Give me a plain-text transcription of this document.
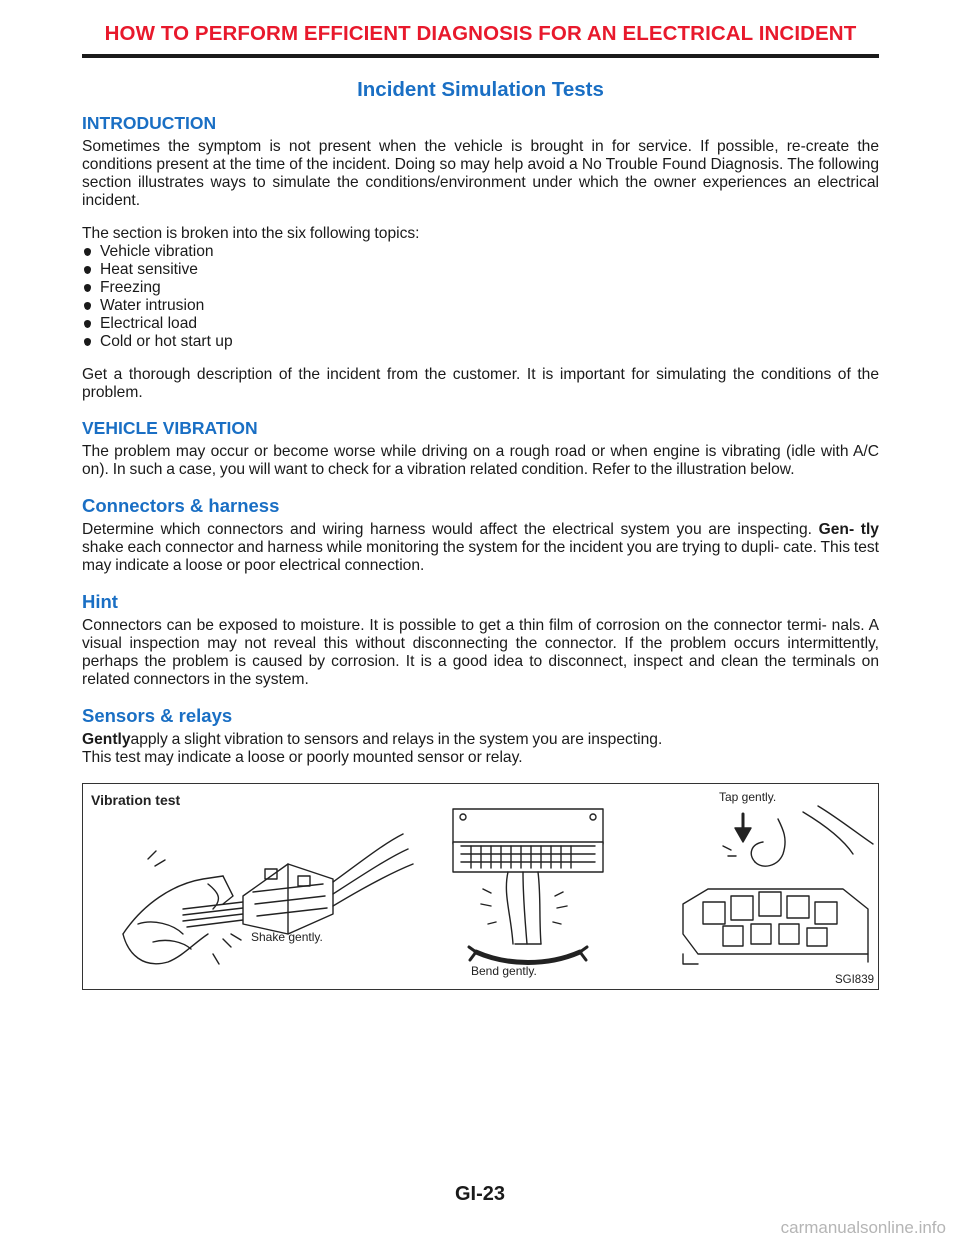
HOW TO PERFORM EFFICIENT DIAGNOSIS FOR AN ELECTRICAL INCIDENT
Incident Simulation Tests
INTRODUCTION

Sometimes the symptom is not present when the vehicle is brought in for service. If possible, re-create the conditions present at the time of the incident. Doing so may help avoid a No Trouble Found Diagnosis. The following section illustrates ways to simulate the conditions/environment under which the owner experiences an electrical incident.

The section is broken into the six following topics:

Vehicle vibration
Heat sensitive
Freezing
Water intrusion
Electrical load
Cold or hot start up

Get a thorough description of the incident from the customer. It is important for simulating the conditions of the problem.

VEHICLE VIBRATION

The problem may occur or become worse while driving on a rough road or when engine is vibrating (idle with A/C on). In such a case, you will want to check for a vibration related condition. Refer to the illustration below.

Connectors & harness

Determine which connectors and wiring harness would affect the electrical system you are inspecting. Gen- tly shake each connector and harness while monitoring the system for the incident you are trying to dupli- cate. This test may indicate a loose or poor electrical connection.

Hint

Connectors can be exposed to moisture. It is possible to get a thin film of corrosion on the connector termi- nals. A visual inspection may not reveal this without disconnecting the connector. If the problem occurs intermittently, perhaps the problem is caused by corrosion. It is a good idea to disconnect, inspect and clean the terminals on related connectors in the system.

Sensors & relays

Gentlyapply a slight vibration to sensors and relays in the system you are inspecting.

This test may indicate a loose or poorly mounted sensor or relay.

Vibration test
Shake gently.
Bend gently.
Tap gently.
SGI839
GI-23
carmanualsonline.info
